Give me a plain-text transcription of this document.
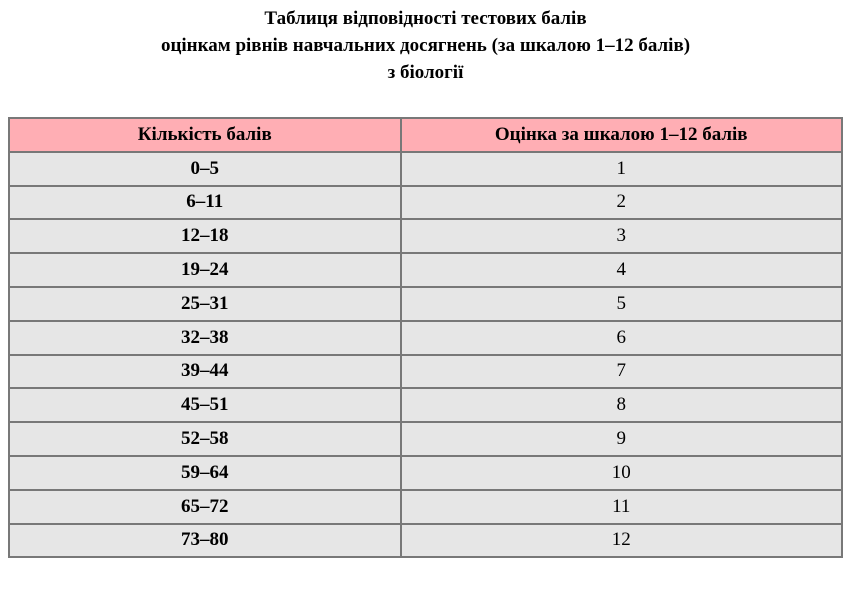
Таблиця відповідності тестових балів
оцінкам рівнів навчальних досягнень (за шкалою 1–12 балів)
з біології
Кількість балів	Оцінка за шкалою 1–12 балів
0–5	1
6–11	2
12–18	3
19–24	4
25–31	5
32–38	6
39–44	7
45–51	8
52–58	9
59–64	10
65–72	11
73–80	12
